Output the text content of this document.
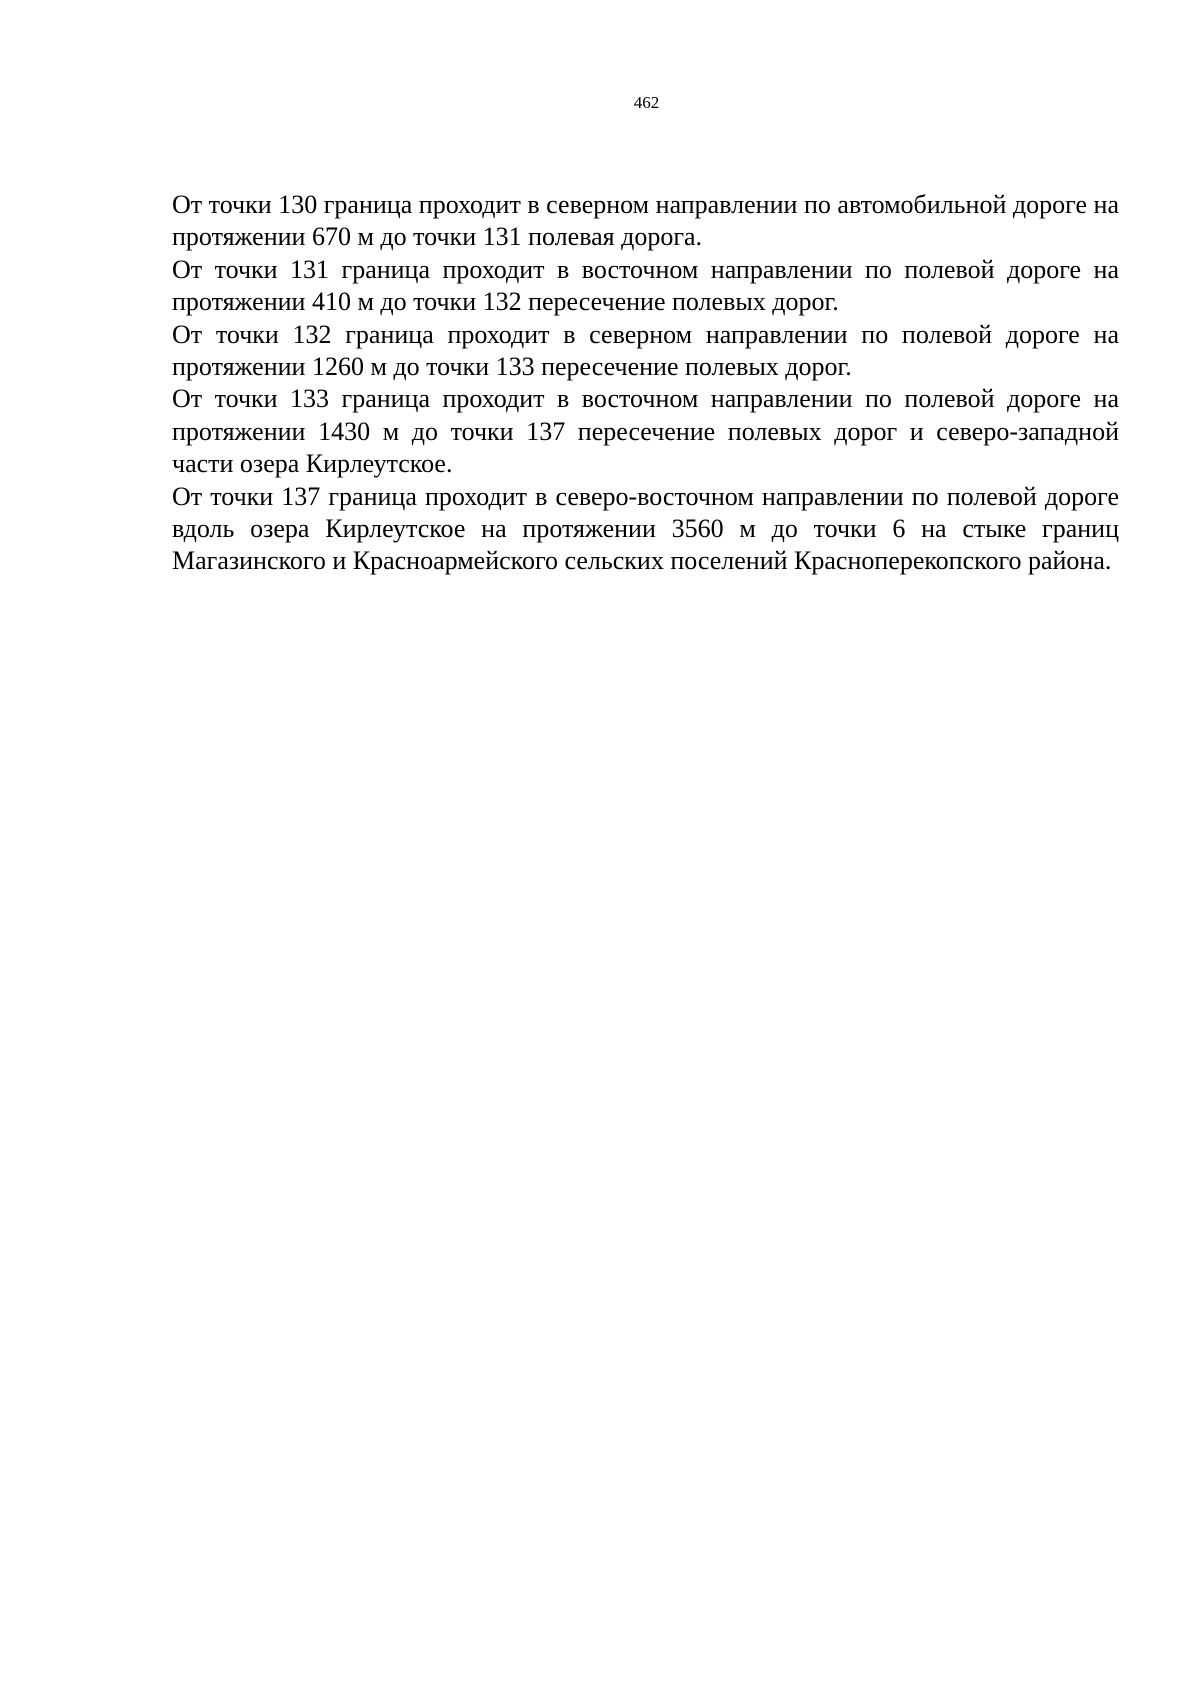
462

От точки 130 граница проходит в северном направлении по автомобильной дороге на протяжении 670 м до точки 131 полевая дорога.

От точки 131 граница проходит в восточном направлении по полевой дороге на протяжении 410 м до точки 132 пересечение полевых дорог.

От точки 132 граница проходит в северном направлении по полевой дороге на протяжении 1260 м до точки 133 пересечение полевых дорог.

От точки 133 граница проходит в восточном направлении по полевой дороге на протяжении 1430 м до точки 137 пересечение полевых дорог и северо-западной части озера Кирлеутское.

От точки 137 граница проходит в северо-восточном направлении по полевой дороге вдоль озера Кирлеутское на протяжении 3560 м до точки 6 на стыке границ Магазинского и Красноармейского сельских поселений Красноперекопского района.
